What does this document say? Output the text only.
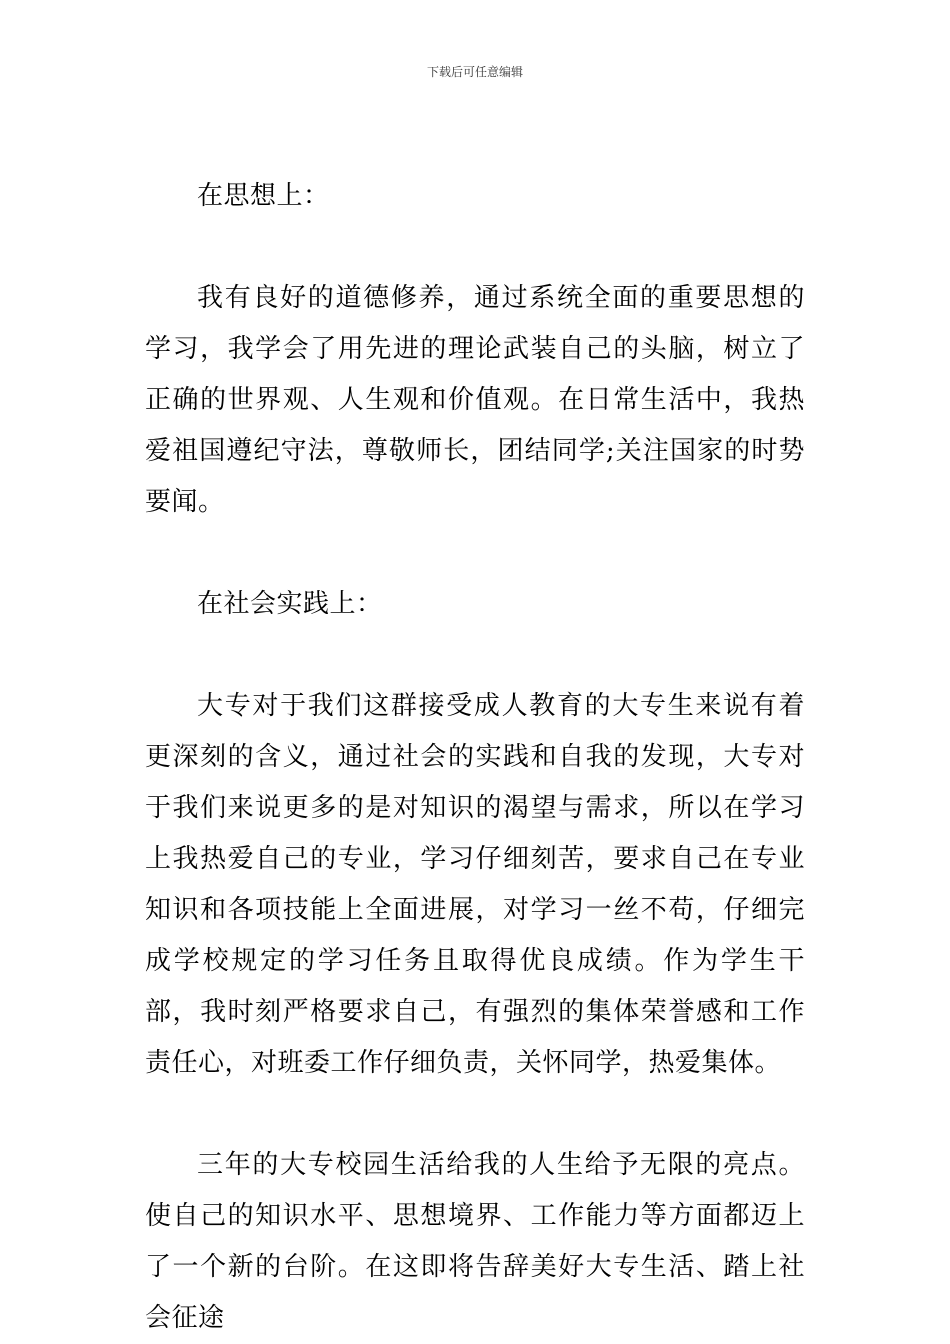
下载后可任意编辑

在思想上：

我有良好的道德修养，通过系统全面的重要思想的学习，我学会了用先进的理论武装自己的头脑，树立了正确的世界观、人生观和价值观。在日常生活中，我热爱祖国遵纪守法，尊敬师长，团结同学;关注国家的时势要闻。

在社会实践上：

大专对于我们这群接受成人教育的大专生来说有着更深刻的含义，通过社会的实践和自我的发现，大专对于我们来说更多的是对知识的渴望与需求，所以在学习上我热爱自己的专业，学习仔细刻苦，要求自己在专业知识和各项技能上全面进展，对学习一丝不苟，仔细完成学校规定的学习任务且取得优良成绩。作为学生干部，我时刻严格要求自己，有强烈的集体荣誉感和工作责任心，对班委工作仔细负责，关怀同学，热爱集体。

三年的大专校园生活给我的人生给予无限的亮点。使自己的知识水平、思想境界、工作能力等方面都迈上了一个新的台阶。在这即将告辞美好大专生活、踏上社会征途
